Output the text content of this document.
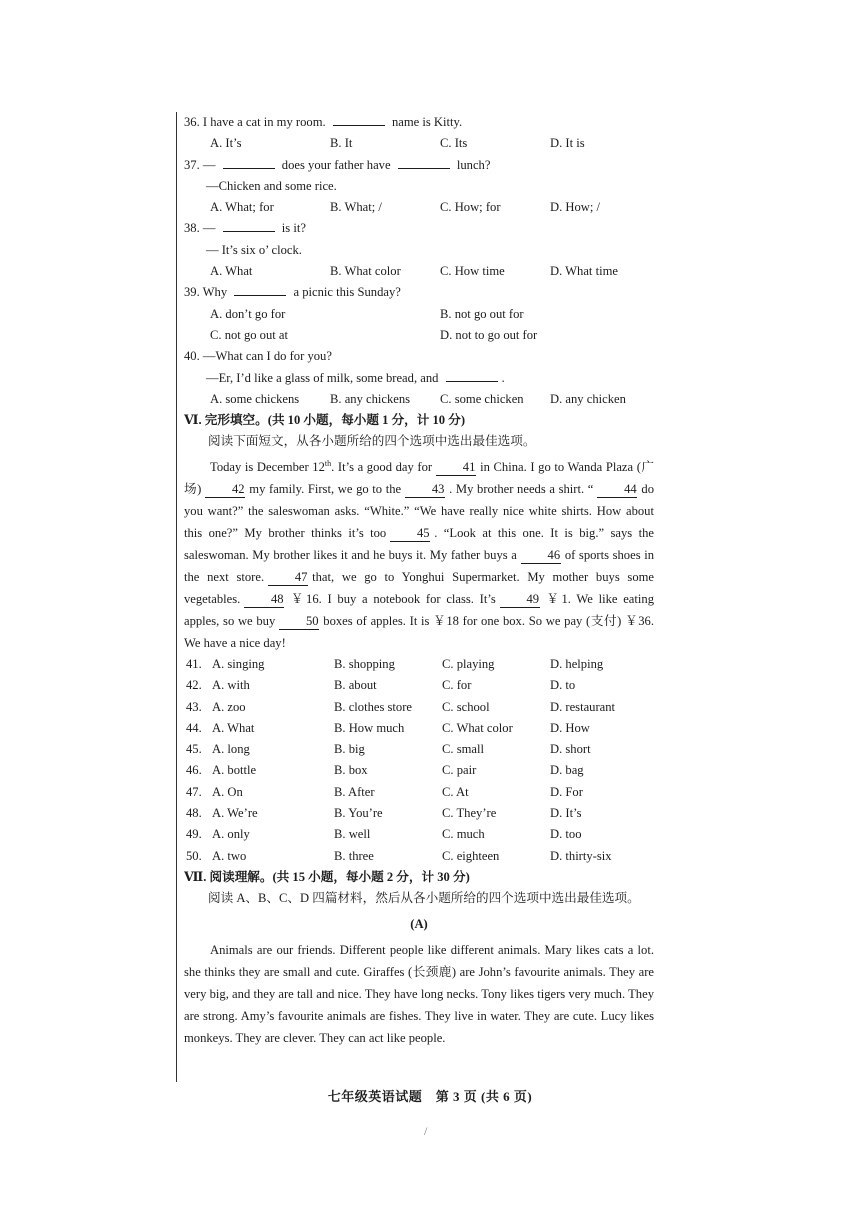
36. I have a cat in my room.	name is Kitty.

A. It’s	B. It	C. Its	D. It is

37. —	does your father have	lunch?

—Chicken and some rice.

A. What; for	B. What; /	C. How; for	D. How; /

38. —	is it?

— It’s six o’ clock.

A. What	B. What color	C. How time	D. What time

39. Why	a picnic this Sunday?

A. don’t go for	B. not go out for
C. not go out at	D. not to go out for

40. —What can I do for you?

—Er, I’d like a glass of milk, some bread, and	.

A. some chickens	B. any chickens	C. some chicken	D. any chicken

Ⅵ. 完形填空。(共 10 小题，每小题 1 分，计 10 分)

阅读下面短文，从各小题所给的四个选项中选出最佳选项。

Today is December 12th. It’s a good day for 41 in China. I go to Wanda Plaza (广场) 42 my family. First, we go to the 43 . My brother needs a shirt. “ 44 do you want?” the saleswoman asks. “White.” “We have really nice white shirts. How about this one?” My brother thinks it’s too 45 . “Look at this one. It is big.” says the saleswoman. My brother likes it and he buys it. My father buys a 46 of sports shoes in the next store. 47 that, we go to Yonghui Supermarket. My mother buys some vegetables. 48 ￥16. I buy a notebook for class. It’s 49 ￥1. We like eating apples, so we buy 50 boxes of apples. It is ￥18 for one box. So we pay (支付) ￥36. We have a nice day!

41. A. singing	B. shopping	C. playing	D. helping
42. A. with	B. about	C. for	D. to
43. A. zoo	B. clothes store	C. school	D. restaurant
44. A. What	B. How much	C. What color	D. How
45. A. long	B. big	C. small	D. short
46. A. bottle	B. box	C. pair	D. bag
47. A. On	B. After	C. At	D. For
48. A. We’re	B. You’re	C. They’re	D. It’s
49. A. only	B. well	C. much	D. too
50. A. two	B. three	C. eighteen	D. thirty-six

Ⅶ. 阅读理解。(共 15 小题，每小题 2 分，计 30 分)

阅读 A、B、C、D 四篇材料，然后从各小题所给的四个选项中选出最佳选项。

(A)

Animals are our friends. Different people like different animals. Mary likes cats a lot. she thinks they are small and cute. Giraffes (长颈鹿) are John’s favourite animals. They are very big, and they are tall and nice. They have long necks. Tony likes tigers very much. They are strong. Amy’s favourite animals are fishes. They live in water. They are cute. Lucy likes monkeys. They are clever. They can act like people.

七年级英语试题　第 3 页 (共 6 页)
/
